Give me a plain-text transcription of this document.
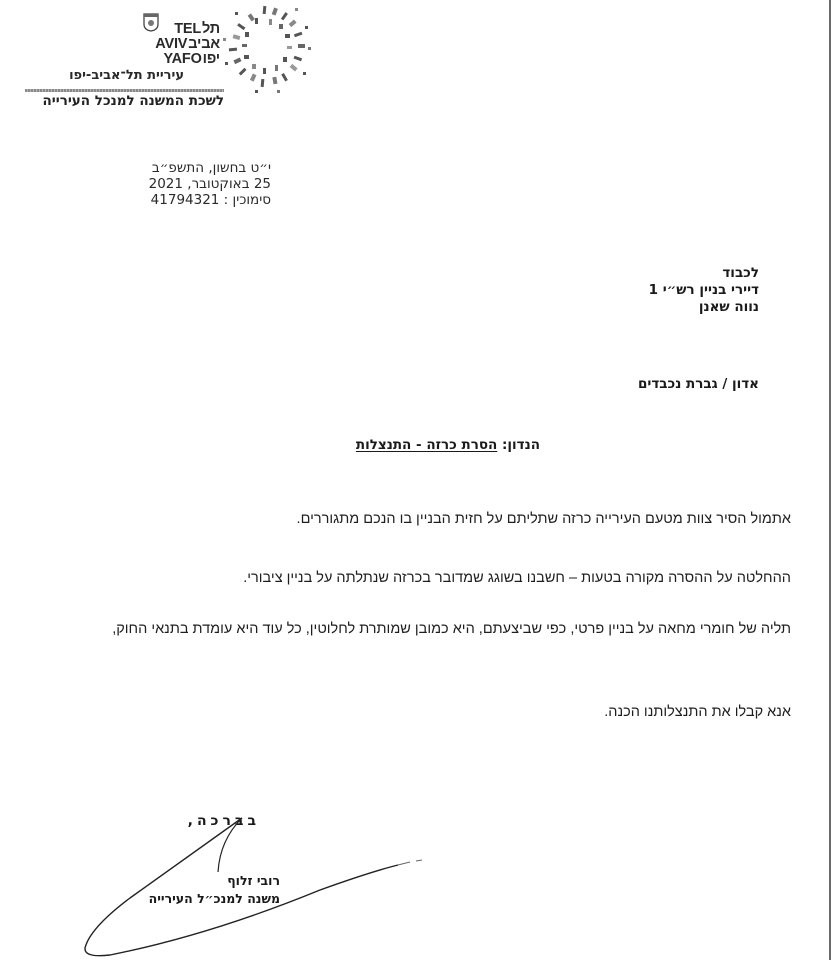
TEL תל
AVIV אביב
YAFO יפו
עיריית תל־אביב-יפו
לשכת המשנה למנכל העירייה
י״ט בחשון, התשפ״ב
25 באוקטובר, 2021
סימוכין : 41794321
לכבוד
דיירי בניין רש״י 1
נווה שאנן
אדון / גברת נכבדים
הנדון: הסרת כרזה - התנצלות
אתמול הסיר צוות מטעם העירייה כרזה שתליתם על חזית הבניין בו הנכם מתגוררים.
ההחלטה על ההסרה מקורה בטעות – חשבנו בשוגג שמדובר בכרזה שנתלתה על בניין ציבורי.
תליה של חומרי מחאה על בניין פרטי, כפי שביצעתם, היא כמובן שמותרת לחלוטין, כל עוד היא עומדת בתנאי החוק,
אנא קבלו את התנצלותנו הכנה.
בברכה,
רובי זלוף
משנה למנכ״ל העירייה
